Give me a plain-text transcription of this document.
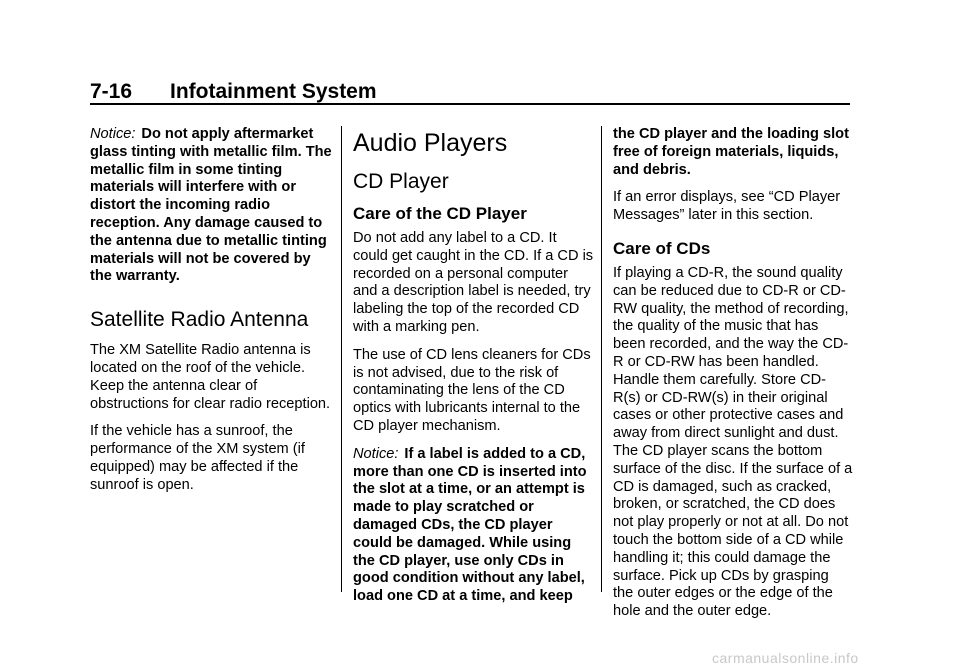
7-16 Infotainment System

Notice: Do not apply aftermarket glass tinting with metallic film. The metallic film in some tinting materials will interfere with or distort the incoming radio reception. Any damage caused to the antenna due to metallic tinting materials will not be covered by the warranty.

Satellite Radio Antenna

The XM Satellite Radio antenna is located on the roof of the vehicle. Keep the antenna clear of obstructions for clear radio reception.

If the vehicle has a sunroof, the performance of the XM system (if equipped) may be affected if the sunroof is open.

Audio Players
CD Player
Care of the CD Player

Do not add any label to a CD. It could get caught in the CD. If a CD is recorded on a personal computer and a description label is needed, try labeling the top of the recorded CD with a marking pen.

The use of CD lens cleaners for CDs is not advised, due to the risk of contaminating the lens of the CD optics with lubricants internal to the CD player mechanism.

Notice: If a label is added to a CD, more than one CD is inserted into the slot at a time, or an attempt is made to play scratched or damaged CDs, the CD player could be damaged. While using the CD player, use only CDs in good condition without any label, load one CD at a time, and keep

the CD player and the loading slot free of foreign materials, liquids, and debris.

If an error displays, see “CD Player Messages” later in this section.

Care of CDs

If playing a CD-R, the sound quality can be reduced due to CD-R or CD-RW quality, the method of recording, the quality of the music that has been recorded, and the way the CD-R or CD-RW has been handled. Handle them carefully. Store CD-R(s) or CD-RW(s) in their original cases or other protective cases and away from direct sunlight and dust. The CD player scans the bottom surface of the disc. If the surface of a CD is damaged, such as cracked, broken, or scratched, the CD does not play properly or not at all. Do not touch the bottom side of a CD while handling it; this could damage the surface. Pick up CDs by grasping the outer edges or the edge of the hole and the outer edge.

carmanualsonline.info
